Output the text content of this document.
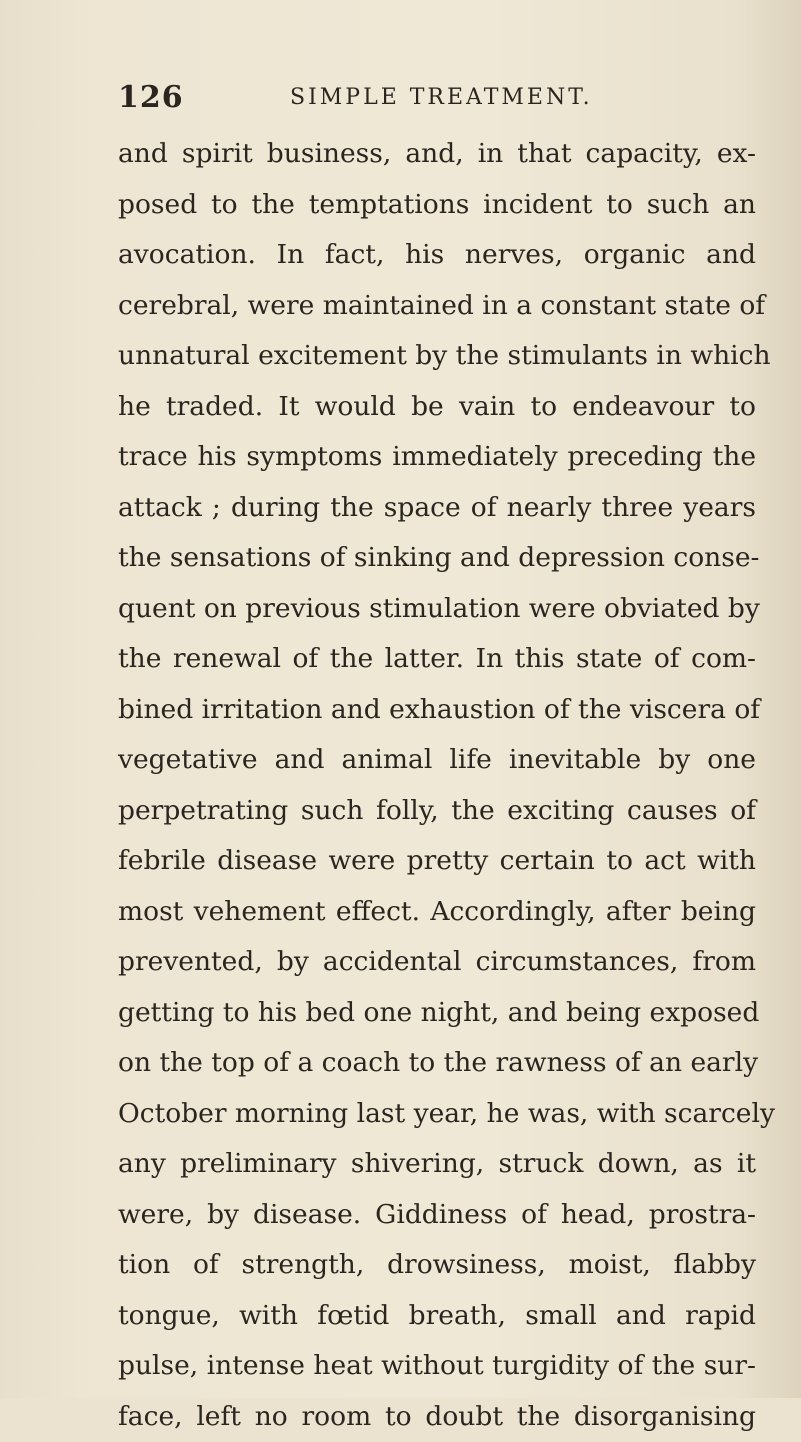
126	SIMPLE TREATMENT.
and spirit business, and, in that capacity, ex-
posed to the temptations incident to such an
avocation. In fact, his nerves, organic and
cerebral, were maintained in a constant state of
unnatural excitement by the stimulants in which
he traded. It would be vain to endeavour to
trace his symptoms immediately preceding the
attack ; during the space of nearly three years
the sensations of sinking and depression conse-
quent on previous stimulation were obviated by
the renewal of the latter. In this state of com-
bined irritation and exhaustion of the viscera of
vegetative and animal life inevitable by one
perpetrating such folly, the exciting causes of
febrile disease were pretty certain to act with
most vehement effect. Accordingly, after being
prevented, by accidental circumstances, from
getting to his bed one night, and being exposed
on the top of a coach to the rawness of an early
October morning last year, he was, with scarcely
any preliminary shivering, struck down, as it
were, by disease. Giddiness of head, prostra-
tion of strength, drowsiness, moist, flabby
tongue, with fœtid breath, small and rapid
pulse, intense heat without turgidity of the sur-
face, left no room to doubt the disorganising
